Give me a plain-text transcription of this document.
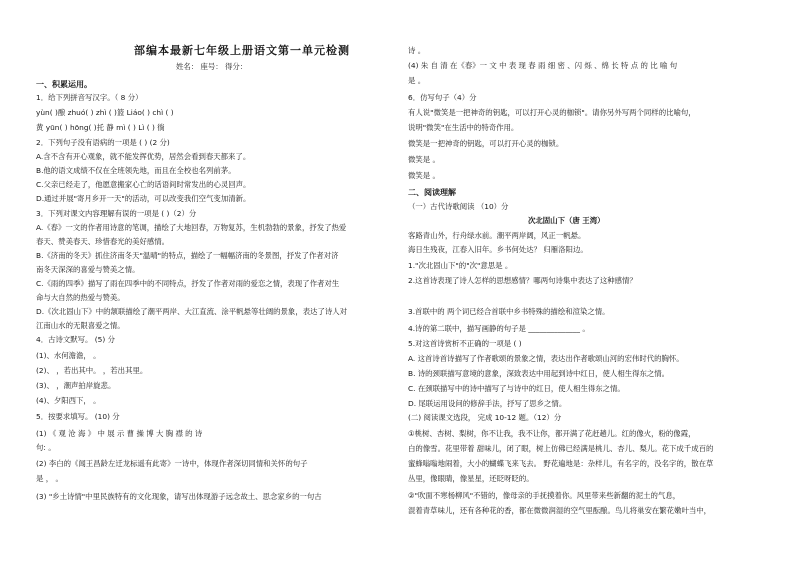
部编本最新七年级上册语文第一单元检测
姓名： 座号： 得分：
一、积累运用。
1．给下列拼音写汉字。（ 8 分）
yùn( )酿 zhuó( ) zhì ( )篮 Liáo( ) chì ( )
黄 yūn( ) hōng( )托 静 mì ( ) Lì ( ) 徜
2．下列句子没有语病的一项是 ( ) (2 分)
A.含不含有开心观象，就不能发挥优势，居然会看到春天都来了。
B.他的语文成绩不仅在全班领先地，而且在全校也名列前茅。
C.父亲已经走了，他愿意搬家心亡的话语间时常发出的心灵回声。
D.通过并展"寄月乡开一天"的活动，可以改变我们空气变加清新。
3．下列对课文内容理解有误的一项是 ( )（2）分
A.《春》一文的作者用诗意的笔调，描绘了大地回春，万物复苏，生机勃勃的景象，抒发了热爱
春天、赞美春天、珍惜春光的美好感情。
B.《济南的冬天》抓住济南冬天"温晴"的特点，描绘了一幅幅济南的冬景图，抒发了作者对济
南冬天深深的喜爱与赞美之情。
C.《雨的四季》描写了雨在四季中的不同特点，抒发了作者对雨的爱恋之情，表现了作者对生
命与大自然的热爱与赞美。
D.《次北固山下》中的颔联描绘了潮平两岸、大江直流、涂平帆悬等壮阔的景象，表达了诗人对
江南山水的无限喜爱之情。
4．古诗文默写。 (5) 分
(1)、水何澹澹， 。
(2)、 ，若出其中。 ，若出其里。
(3)、 ，潮声拍岸旋悲。
(4)、夕阳西下， 。
5．按要求填写。 (10) 分
(1) 《 观 沧 海 》 中 展 示 曹 操 博 大 胸 襟 的 诗
句: 。
(2) 李白的《闻王昌龄左迁龙标遥有此寄》一诗中，体现作者深切同情和关怀的句子
是 ， 。
(3) "乡土诗情"中里民族特有的文化现象，请写出体现游子远念故土、思念家乡的一句古
诗 。
(4) 朱 自 清 在《春》一 文 中 表 现 春 雨 细 密 、闪 烁 、绵 长 特 点 的 比 喻 句
是 。
6．仿写句子（4）分
有人说"微笑是一把神奇的钥匙，可以打开心灵的枷锁"。请你另外写两个同样的比喻句，
说明"微笑"在生活中的特奇作用。
微笑是一把神奇的钥匙，可以打开心灵的枷锁。
微笑是 。
微笑是 。
二、阅读理解
（一）古代诗歌阅读 （10）分
次北固山下（唐 王湾）
客路青山外，行舟绿水前。潮平两岸阔，风正一帆悬。
海日生残夜，江春入旧年。乡书何处达？ 归雁洛阳边。
1."次北固山下"的"次"意思是 。
2.这首诗表现了诗人怎样的思想感情？哪两句诗集中表达了这种感情？
3.首联中的 两个词已经合首联中乡书特殊的描绘和渲染之情。
4.诗的第二联中，描写画静的句子是 ______________ 。
5.对这首诗赏析不正确的一项是 ( )
A. 这首诗首诗描写了作者歌颂的景象之情，表达出作者歌颂山河的宏伟时代的胸怀。
B. 诗的颈联描写意境的意象，深致表达中用起到诗中红日，使人相生得东之情。
C. 在颈联描写中的诗中描写了与诗中的红日，使人相生得东之情。
D. 尾联运用设问的修辞手法，抒写了思乡之情。
(二) 阅读课文选段， 完成 10-12 题。（12）分
①桃树、杏树、梨树，你不让我，我不让你，都开满了花赶趟儿。红的像火，粉的像霞，
白的像雪。花里带着 甜味儿，闭了眼，树上仿佛已经满是桃儿、杏儿、梨儿。花下成千成百的
蜜蜂嗡嗡地闹着，大小的蝴蝶飞来飞去。 野花遍地是：杂样儿，有名字的，没名字的，散在草
丛里，像眼睛，像星星，还眨呀眨的。
②"吹面不寒杨柳风"不错的，像母亲的手抚摸着你。风里带来些新翻的泥土的气息，
混着青草味儿，还有各种花的香，都在微微润湿的空气里酝酿。鸟儿将巢安在繁花嫩叶当中，
